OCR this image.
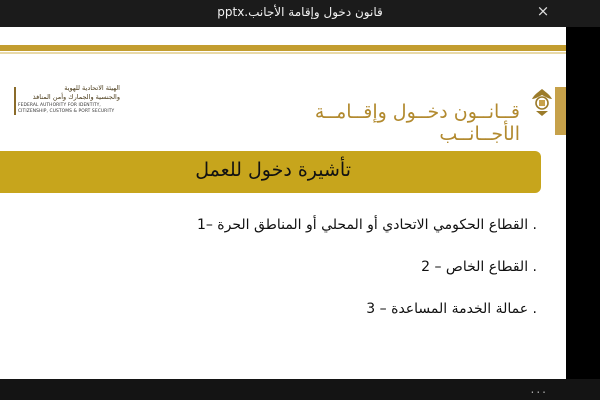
قانون دخول وإقامة الأجانب.pptx	×
الهيئة الاتحادية للهوية
والجنسية والجمارك وأمن المنافذ
FEDERAL AUTHORITY FOR IDENTITY, CITIZENSHIP, CUSTOMS & PORT SECURITY	قــانــون دخــول وإقــامــة الأجــانــب
تأشيرة دخول للعمل
. القطاع الحكومي الاتحادي أو المحلي أو المناطق الحرة –1
. القطاع الخاص – 2
. عمالة الخدمة المساعدة – 3
...
